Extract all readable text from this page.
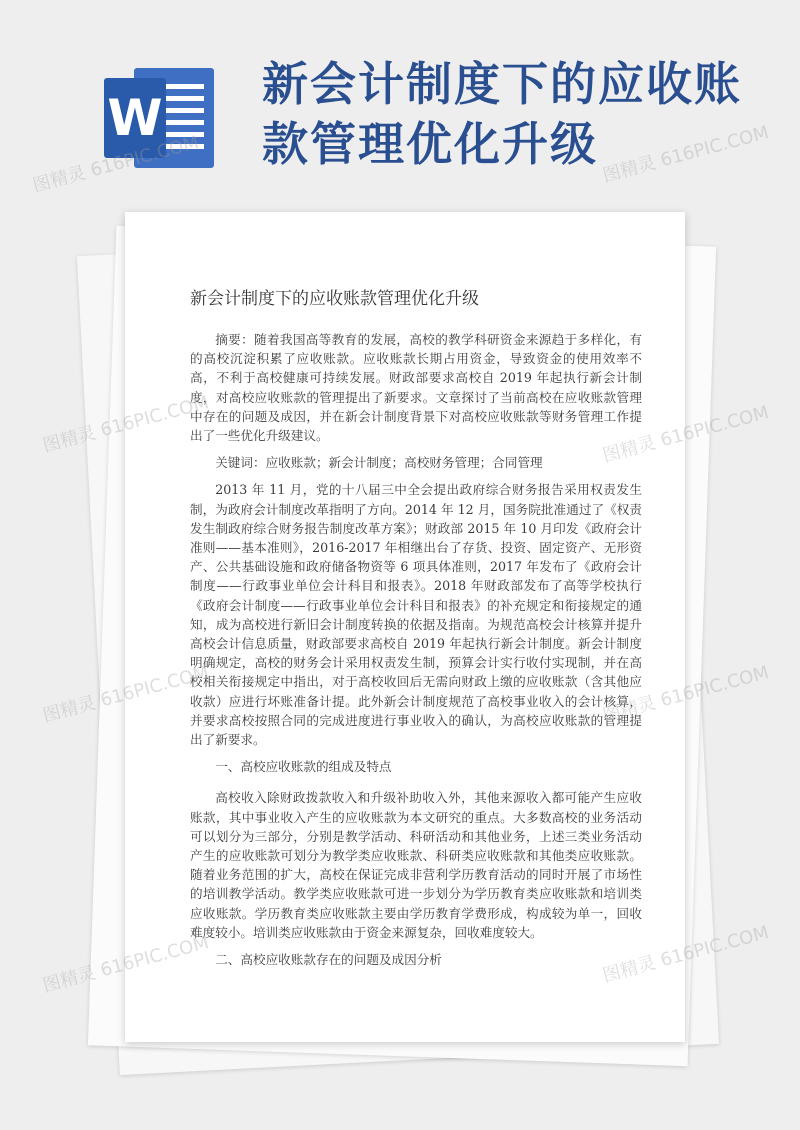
W
新会计制度下的应收账款管理优化升级
新会计制度下的应收账款管理优化升级

摘要：随着我国高等教育的发展，高校的教学科研资金来源趋于多样化，有的高校沉淀积累了应收账款。应收账款长期占用资金，导致资金的使用效率不高，不利于高校健康可持续发展。财政部要求高校自 2019 年起执行新会计制度，对高校应收账款的管理提出了新要求。文章探讨了当前高校在应收账款管理中存在的问题及成因，并在新会计制度背景下对高校应收账款等财务管理工作提出了一些优化升级建议。

关键词：应收账款；新会计制度；高校财务管理；合同管理

2013 年 11 月，党的十八届三中全会提出政府综合财务报告采用权责发生制，为政府会计制度改革指明了方向。2014 年 12 月，国务院批准通过了《权责发生制政府综合财务报告制度改革方案》；财政部 2015 年 10 月印发《政府会计准则——基本准则》，2016-2017 年相继出台了存货、投资、固定资产、无形资产、公共基础设施和政府储备物资等 6 项具体准则，2017 年发布了《政府会计制度——行政事业单位会计科目和报表》。2018 年财政部发布了高等学校执行《政府会计制度——行政事业单位会计科目和报表》的补充规定和衔接规定的通知，成为高校进行新旧会计制度转换的依据及指南。为规范高校会计核算并提升高校会计信息质量，财政部要求高校自 2019 年起执行新会计制度。新会计制度明确规定，高校的财务会计采用权责发生制，预算会计实行收付实现制，并在高校相关衔接规定中指出，对于高校收回后无需向财政上缴的应收账款（含其他应收款）应进行坏账准备计提。此外新会计制度规范了高校事业收入的会计核算，并要求高校按照合同的完成进度进行事业收入的确认，为高校应收账款的管理提出了新要求。

一、高校应收账款的组成及特点

高校收入除财政拨款收入和升级补助收入外，其他来源收入都可能产生应收账款，其中事业收入产生的应收账款为本文研究的重点。大多数高校的业务活动可以划分为三部分，分别是教学活动、科研活动和其他业务，上述三类业务活动产生的应收账款可划分为教学类应收账款、科研类应收账款和其他类应收账款。随着业务范围的扩大，高校在保证完成非营利学历教育活动的同时开展了市场性的培训教学活动。教学类应收账款可进一步划分为学历教育类应收账款和培训类应收账款。学历教育类应收账款主要由学历教育学费形成，构成较为单一，回收难度较小。培训类应收账款由于资金来源复杂，回收难度较大。

二、高校应收账款存在的问题及成因分析

图精灵 616PIC.COM	图精灵 616PIC.COM
图精灵 616PIC.COM	图精灵 616PIC.COM
图精灵 616PIC.COM	图精灵 616PIC.COM
图精灵 616PIC.COM	图精灵 616PIC.COM
